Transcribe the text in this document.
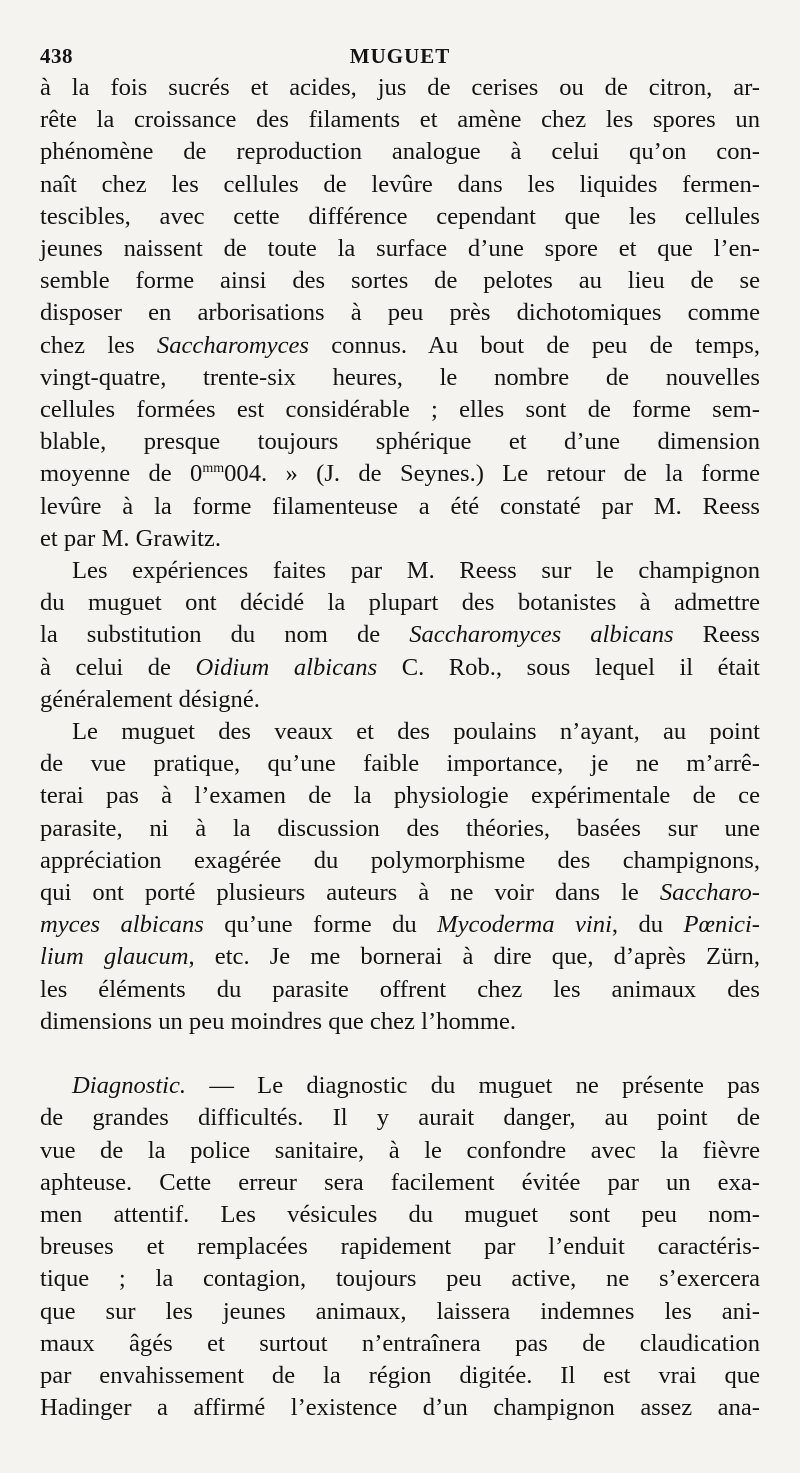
438	MUGUET

à la fois sucrés et acides, jus de cerises ou de citron, ar-
rête la croissance des filaments et amène chez les spores un
phénomène de reproduction analogue à celui qu’on con-
naît chez les cellules de levûre dans les liquides fermen-
tescibles, avec cette différence cependant que les cellules
jeunes naissent de toute la surface d’une spore et que l’en-
semble forme ainsi des sortes de pelotes au lieu de se
disposer en arborisations à peu près dichotomiques comme
chez les Saccharomyces connus. Au bout de peu de temps,
vingt-quatre, trente-six heures, le nombre de nouvelles
cellules formées est considérable ; elles sont de forme sem-
blable, presque toujours sphérique et d’une dimension
moyenne de $0^{mm}004$. » (J. de Seynes.) Le retour de la forme
levûre à la forme filamenteuse a été constaté par M. Reess
et par M. Grawitz.

Les expériences faites par M. Reess sur le champignon
du muguet ont décidé la plupart des botanistes à admettre
la substitution du nom de Saccharomyces albicans Reess
à celui de Oidium albicans C. Rob., sous lequel il était
généralement désigné.

Le muguet des veaux et des poulains n’ayant, au point
de vue pratique, qu’une faible importance, je ne m’arrê-
terai pas à l’examen de la physiologie expérimentale de ce
parasite, ni à la discussion des théories, basées sur une
appréciation exagérée du polymorphisme des champignons,
qui ont porté plusieurs auteurs à ne voir dans le Saccharo-
myces albicans qu’une forme du Mycoderma vini, du Pœnici-
lium glaucum, etc. Je me bornerai à dire que, d’après Zürn,
les éléments du parasite offrent chez les animaux des
dimensions un peu moindres que chez l’homme.

Diagnostic. — Le diagnostic du muguet ne présente pas
de grandes difficultés. Il y aurait danger, au point de
vue de la police sanitaire, à le confondre avec la fièvre
aphteuse. Cette erreur sera facilement évitée par un exa-
men attentif. Les vésicules du muguet sont peu nom-
breuses et remplacées rapidement par l’enduit caractéris-
tique ; la contagion, toujours peu active, ne s’exercera
que sur les jeunes animaux, laissera indemnes les ani-
maux âgés et surtout n’entraînera pas de claudication
par envahissement de la région digitée. Il est vrai que
Hadinger a affirmé l’existence d’un champignon assez ana-
